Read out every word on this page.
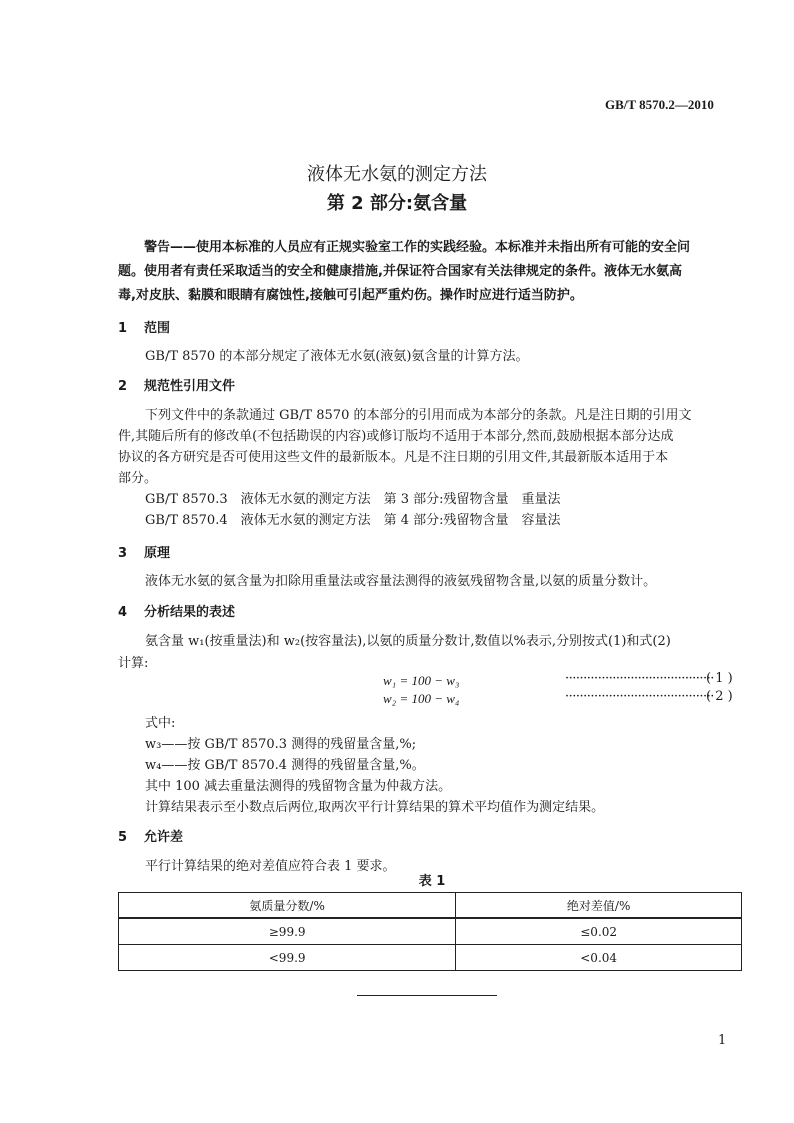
GB/T 8570.2—2010
液体无水氨的测定方法
第 2 部分:氨含量
警告——使用本标准的人员应有正规实验室工作的实践经验。本标准并未指出所有可能的安全问
题。使用者有责任采取适当的安全和健康措施,并保证符合国家有关法律规定的条件。液体无水氨高
毒,对皮肤、黏膜和眼睛有腐蚀性,接触可引起严重灼伤。操作时应进行适当防护。
1 范围
GB/T 8570 的本部分规定了液体无水氨(液氨)氨含量的计算方法。
2 规范性引用文件
下列文件中的条款通过 GB/T 8570 的本部分的引用而成为本部分的条款。凡是注日期的引用文
件,其随后所有的修改单(不包括勘误的内容)或修订版均不适用于本部分,然而,鼓励根据本部分达成
协议的各方研究是否可使用这些文件的最新版本。凡是不注日期的引用文件,其最新版本适用于本
部分。
GB/T 8570.3　液体无水氨的测定方法　第 3 部分:残留物含量　重量法
GB/T 8570.4　液体无水氨的测定方法　第 4 部分:残留物含量　容量法
3 原理
液体无水氨的氨含量为扣除用重量法或容量法测得的液氨残留物含量,以氨的质量分数计。
4 分析结果的表述
氨含量 w₁(按重量法)和 w₂(按容量法),以氨的质量分数计,数值以%表示,分别按式(1)和式(2)
计算:
w₁ = 100 − w₃	·········································
( 1 )
w₂ = 100 − w₄	·········································
( 2 )
式中:
w₃——按 GB/T 8570.3 测得的残留量含量,%;
w₄——按 GB/T 8570.4 测得的残留量含量,%。
其中 100 减去重量法测得的残留物含量为仲裁方法。
计算结果表示至小数点后两位,取两次平行计算结果的算术平均值作为测定结果。
5 允许差
平行计算结果的绝对差值应符合表 1 要求。
表 1
氨质量分数/%	绝对差值/%
≥99.9	≤0.02
<99.9	<0.04
1
